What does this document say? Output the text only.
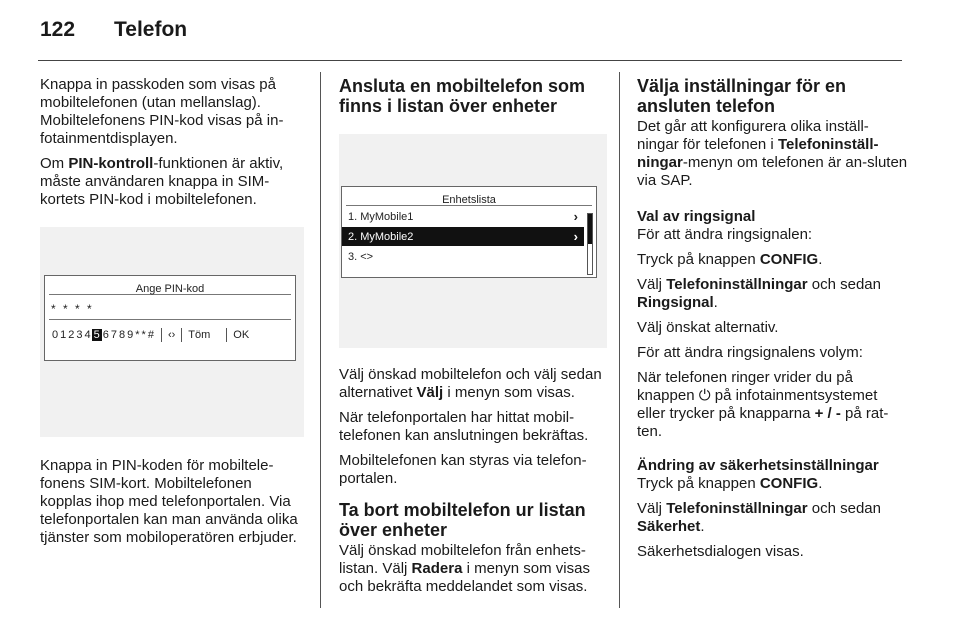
122	Telefon

Knappa in passkoden som visas på mobiltelefonen (utan mellanslag). Mobiltelefonens PIN-kod visas på in-fotainmentdisplayen.

Om PIN-kontroll-funktionen är aktiv, måste användaren knappa in SIM-kortets PIN-kod i mobiltelefonen.

Ange PIN-kod
* * * *
0 1 2 3 4 5 6 7 8 9 * * # ‹› Töm OK

Knappa in PIN-koden för mobiltele-fonens SIM-kort. Mobiltelefonen kopplas ihop med telefonportalen. Via telefonportalen kan man använda olika tjänster som mobiloperatören erbjuder.

Ansluta en mobiltelefon som finns i listan över enheter
Enhetslista
1. MyMobile1	›
2. MyMobile2	›
3. <>

Välj önskad mobiltelefon och välj sedan alternativet Välj i menyn som visas.

När telefonportalen har hittat mobil-telefonen kan anslutningen bekräftas.

Mobiltelefonen kan styras via telefon-portalen.

Ta bort mobiltelefon ur listan över enheter

Välj önskad mobiltelefon från enhets-listan. Välj Radera i menyn som visas och bekräfta meddelandet som visas.

Välja inställningar för en ansluten telefon

Det går att konfigurera olika inställ-ningar för telefonen i Telefoninställ-ningar-menyn om telefonen är an-sluten via SAP.

Val av ringsignal

För att ändra ringsignalen:

Tryck på knappen CONFIG.

Välj Telefoninställningar och sedan Ringsignal.

Välj önskat alternativ.

För att ändra ringsignalens volym:

När telefonen ringer vrider du på knappen ⏻ på infotainmentsystemet eller trycker på knapparna + / - på rat-ten.

Ändring av säkerhetsinställningar

Tryck på knappen CONFIG.

Välj Telefoninställningar och sedan Säkerhet.

Säkerhetsdialogen visas.
